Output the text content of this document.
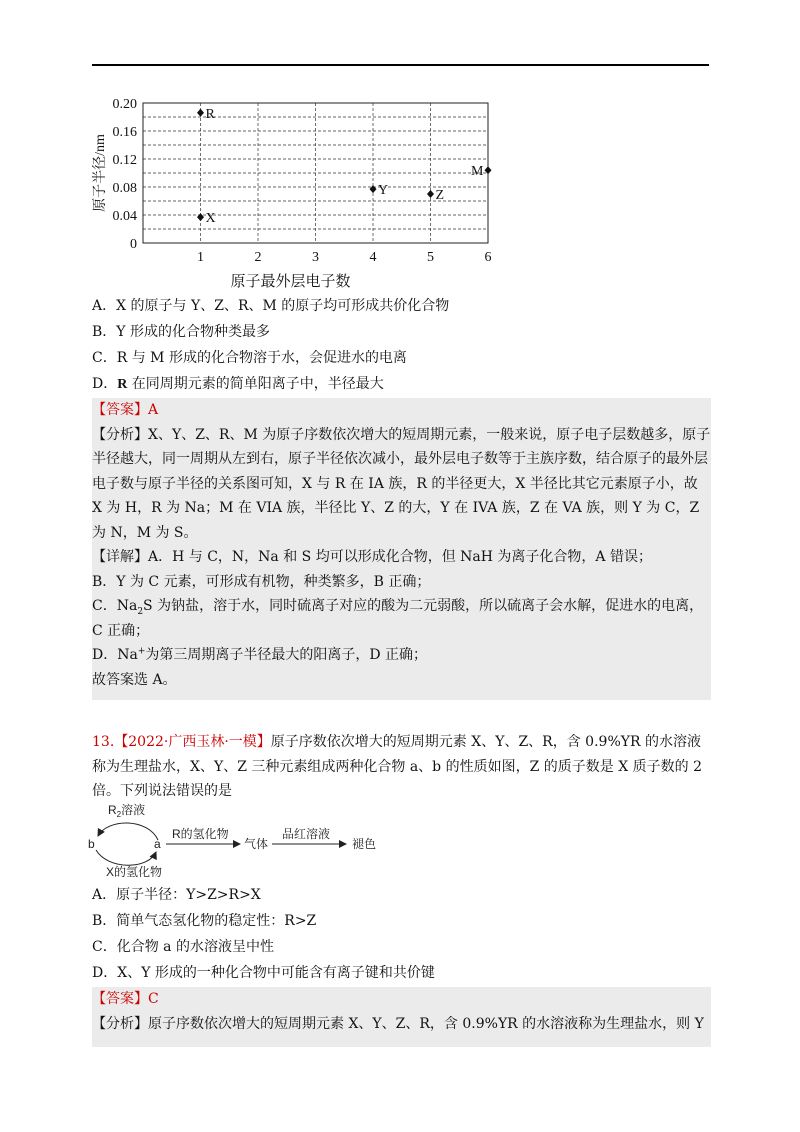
0
0.04
0.08
0.12
0.16
0.20
1	2	3	4	5	6
原子半径/nm
原子最外层电子数
X
R
Y	Z
M
A．X 的原子与 Y、Z、R、M 的原子均可形成共价化合物
B．Y 形成的化合物种类最多
C．R 与 M 形成的化合物溶于水，会促进水的电离
D．R 在同周期元素的简单阳离子中，半径最大
【答案】A
【分析】X、Y、Z、R、M 为原子序数依次增大的短周期元素，一般来说，原子电子层数越多，原子半径越大，同一周期从左到右，原子半径依次减小，最外层电子数等于主族序数，结合原子的最外层电子数与原子半径的关系图可知，X 与 R 在 IA 族，R 的半径更大，X 半径比其它元素原子小，故 X 为 H，R 为 Na；M 在 VIA 族，半径比 Y、Z 的大，Y 在 IVA 族，Z 在 VA 族，则 Y 为 C，Z 为 N，M 为 S。
【详解】A．H 与 C，N，Na 和 S 均可以形成化合物，但 NaH 为离子化合物，A 错误；
B．Y 为 C 元素，可形成有机物，种类繁多，B 正确；
C．$Na_2S$ 为钠盐，溶于水，同时硫离子对应的酸为二元弱酸，所以硫离子会水解，促进水的电离，C 正确；
D．Na+为第三周期离子半径最大的阳离子，D 正确；
故答案选 A。
13.【2022·广西玉林·一模】原子序数依次增大的短周期元素 X、Y、Z、R，含 0.9%YR 的水溶液称为生理盐水，X、Y、Z 三种元素组成两种化合物 a、b 的性质如图，Z 的质子数是 X 质子数的 2 倍。下列说法错误的是
$R_2$溶液
X的氢化物
b	a
R的氢化物
气体
品红溶液
褪色
A．原子半径：Y>Z>R>X
B．简单气态氢化物的稳定性：R>Z
C．化合物 a 的水溶液呈中性
D．X、Y 形成的一种化合物中可能含有离子键和共价键
【答案】C
【分析】原子序数依次增大的短周期元素 X、Y、Z、R，含 0.9%YR 的水溶液称为生理盐水，则 Y
